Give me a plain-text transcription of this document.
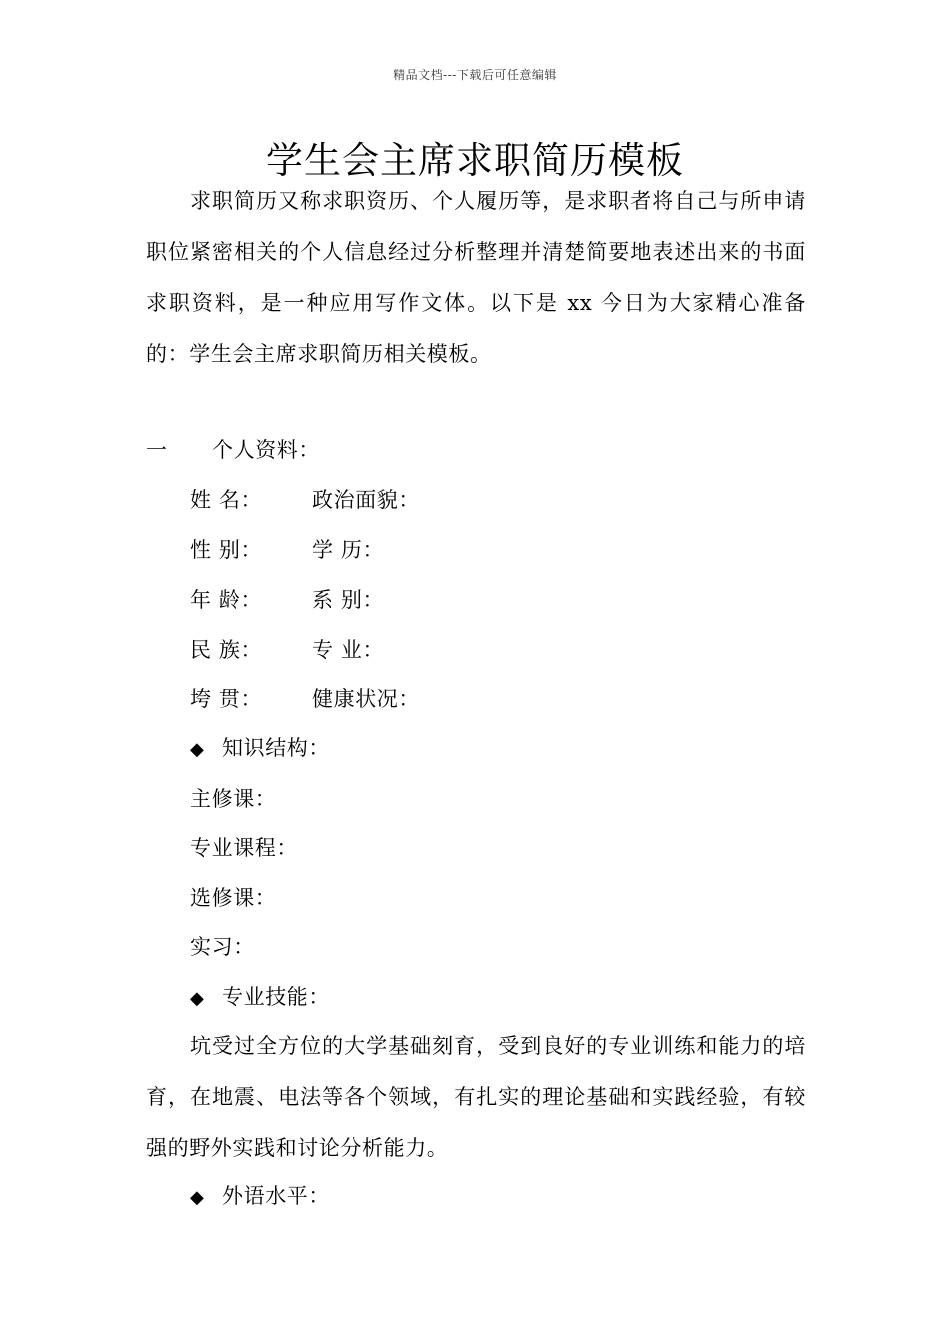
精品文档---下载后可任意编辑
学生会主席求职简历模板
求职简历又称求职资历、个人履历等，是求职者将自己与所申请职位紧密相关的个人信息经过分析整理并清楚简要地表述出来的书面求职资料，是一种应用写作文体。以下是 xx 今日为大家精心准备的：学生会主席求职简历相关模板。
一 个人资料：
姓 名： 政治面貌：
性 别： 学 历：
年 龄： 系 别：
民 族： 专 业：
垮 贯： 健康状况：
◆ 知识结构：
主修课：
专业课程：
选修课：
实习：
◆ 专业技能：
坑受过全方位的大学基础刻育，受到良好的专业训练和能力的培育，在地震、电法等各个领域，有扎实的理论基础和实践经验，有较强的野外实践和讨论分析能力。
◆ 外语水平：
